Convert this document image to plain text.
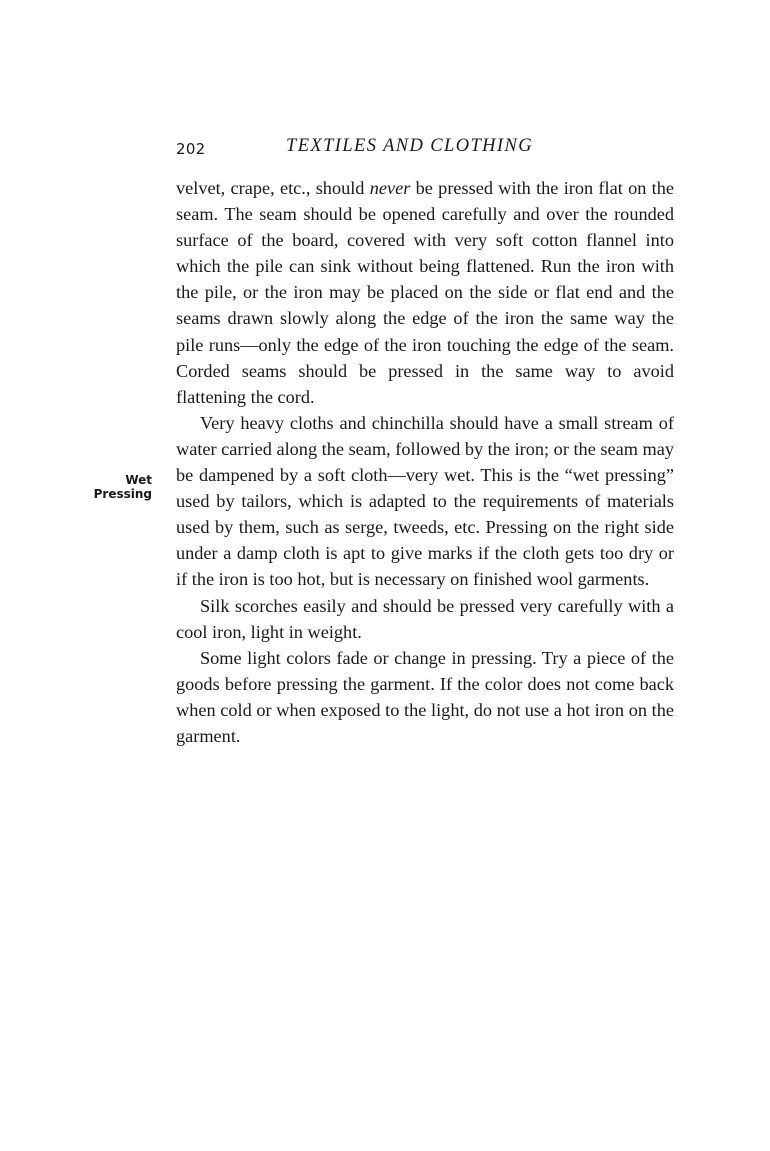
202	TEXTILES AND CLOTHING
Wet
Pressing

velvet, crape, etc., should never be pressed with the iron flat on the seam. The seam should be opened carefully and over the rounded surface of the board, covered with very soft cotton flannel into which the pile can sink without being flattened. Run the iron with the pile, or the iron may be placed on the side or flat end and the seams drawn slowly along the edge of the iron the same way the pile runs—only the edge of the iron touching the edge of the seam. Corded seams should be pressed in the same way to avoid flattening the cord.

Very heavy cloths and chinchilla should have a small stream of water carried along the seam, followed by the iron; or the seam may be dampened by a soft cloth—very wet. This is the “wet pressing” used by tailors, which is adapted to the requirements of materials used by them, such as serge, tweeds, etc. Pressing on the right side under a damp cloth is apt to give marks if the cloth gets too dry or if the iron is too hot, but is necessary on finished wool garments.

Silk scorches easily and should be pressed very carefully with a cool iron, light in weight.

Some light colors fade or change in pressing. Try a piece of the goods before pressing the garment. If the color does not come back when cold or when exposed to the light, do not use a hot iron on the garment.
